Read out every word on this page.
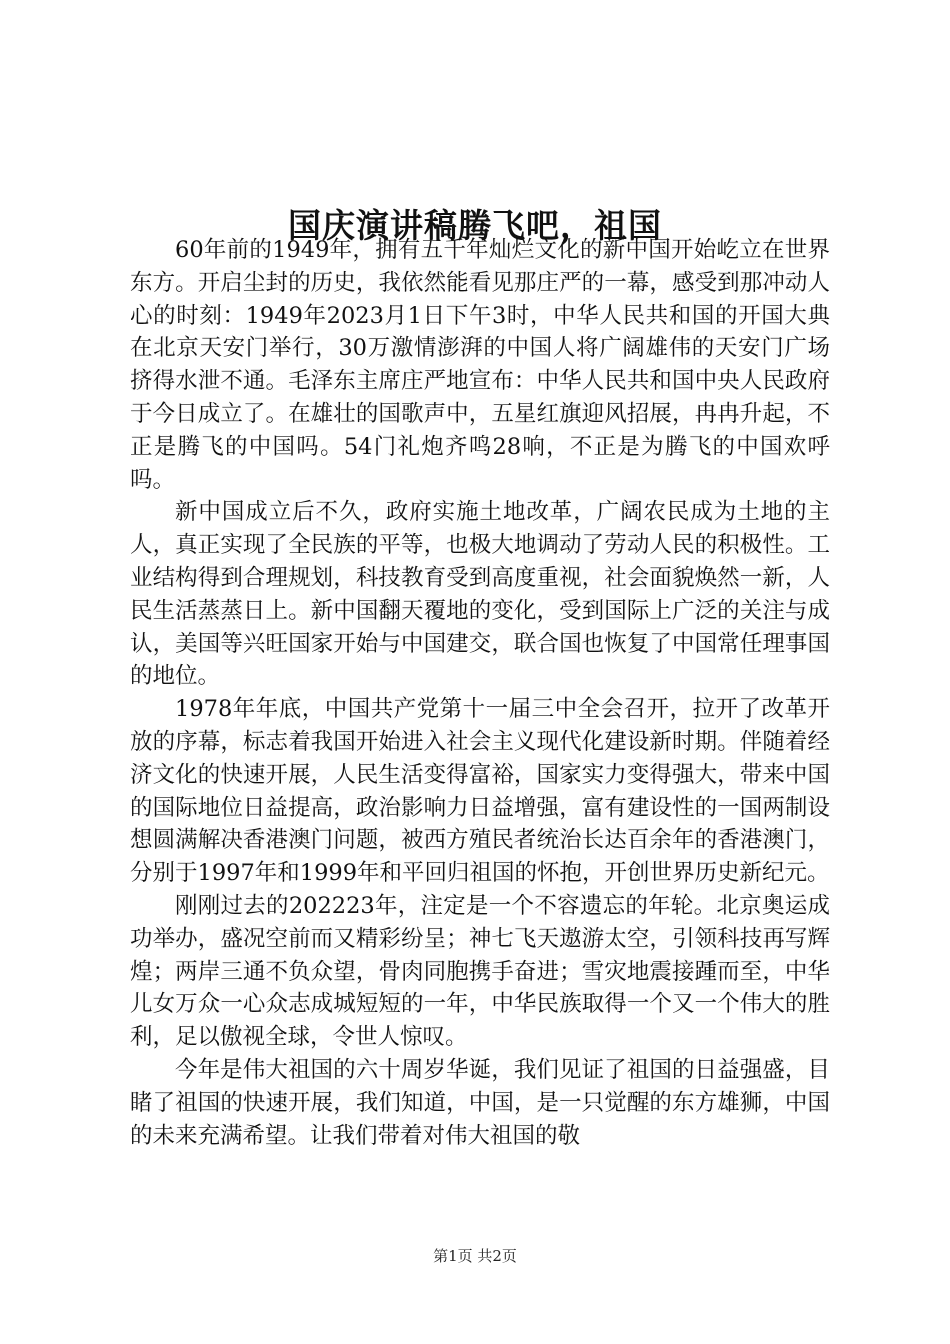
国庆演讲稿腾飞吧，祖国

60年前的1949年，拥有五千年灿烂文化的新中国开始屹立在世界东方。开启尘封的历史，我依然能看见那庄严的一幕，感受到那冲动人心的时刻：1949年2023月1日下午3时，中华人民共和国的开国大典在北京天安门举行，30万激情澎湃的中国人将广阔雄伟的天安门广场挤得水泄不通。毛泽东主席庄严地宣布：中华人民共和国中央人民政府于今日成立了。在雄壮的国歌声中，五星红旗迎风招展，冉冉升起，不正是腾飞的中国吗。54门礼炮齐鸣28响，不正是为腾飞的中国欢呼吗。

新中国成立后不久，政府实施土地改革，广阔农民成为土地的主人，真正实现了全民族的平等，也极大地调动了劳动人民的积极性。工业结构得到合理规划，科技教育受到高度重视，社会面貌焕然一新，人民生活蒸蒸日上。新中国翻天覆地的变化，受到国际上广泛的关注与成认，美国等兴旺国家开始与中国建交，联合国也恢复了中国常任理事国的地位。

1978年年底，中国共产党第十一届三中全会召开，拉开了改革开放的序幕，标志着我国开始进入社会主义现代化建设新时期。伴随着经济文化的快速开展，人民生活变得富裕，国家实力变得强大，带来中国的国际地位日益提高，政治影响力日益增强，富有建设性的一国两制设想圆满解决香港澳门问题，被西方殖民者统治长达百余年的香港澳门，分别于1997年和1999年和平回归祖国的怀抱，开创世界历史新纪元。

刚刚过去的202223年，注定是一个不容遗忘的年轮。北京奥运成功举办，盛况空前而又精彩纷呈；神七飞天遨游太空，引领科技再写辉煌；两岸三通不负众望，骨肉同胞携手奋进；雪灾地震接踵而至，中华儿女万众一心众志成城短短的一年，中华民族取得一个又一个伟大的胜利，足以傲视全球，令世人惊叹。

今年是伟大祖国的六十周岁华诞，我们见证了祖国的日益强盛，目睹了祖国的快速开展，我们知道，中国，是一只觉醒的东方雄狮，中国的未来充满希望。让我们带着对伟大祖国的敬

第1页 共2页
